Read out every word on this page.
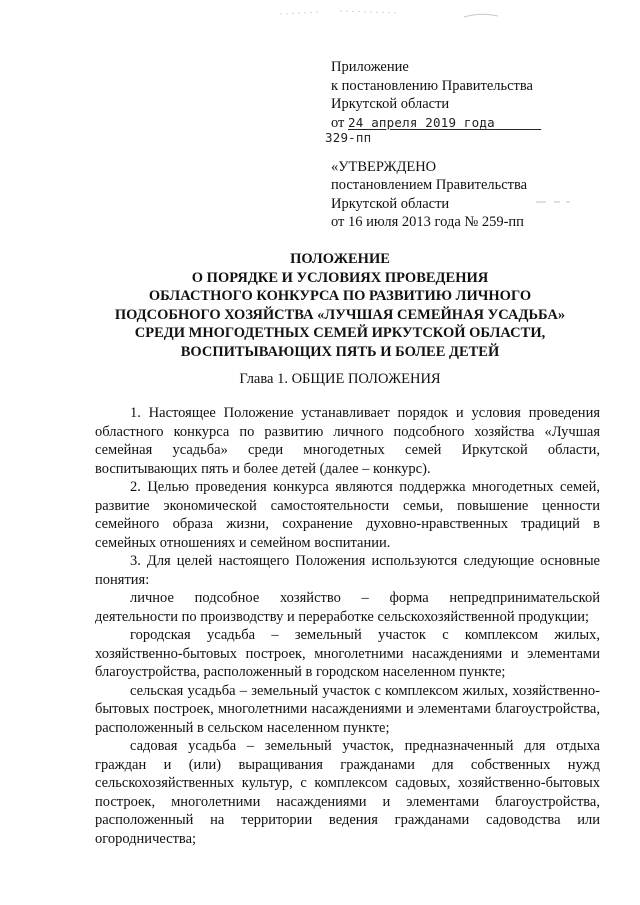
Приложение
к постановлению Правительства
Иркутской области
от 24 апреля 2019 года
329-пп
«УТВЕРЖДЕНО
постановлением Правительства
Иркутской области
от 16 июля 2013 года № 259-пп
ПОЛОЖЕНИЕ
О ПОРЯДКЕ И УСЛОВИЯХ ПРОВЕДЕНИЯ
ОБЛАСТНОГО КОНКУРСА ПО РАЗВИТИЮ ЛИЧНОГО
ПОДСОБНОГО ХОЗЯЙСТВА «ЛУЧШАЯ СЕМЕЙНАЯ УСАДЬБА»
СРЕДИ МНОГОДЕТНЫХ СЕМЕЙ ИРКУТСКОЙ ОБЛАСТИ,
ВОСПИТЫВАЮЩИХ ПЯТЬ И БОЛЕЕ ДЕТЕЙ
Глава 1. ОБЩИЕ ПОЛОЖЕНИЯ

1. Настоящее Положение устанавливает порядок и условия проведения областного конкурса по развитию личного подсобного хозяйства «Лучшая семейная усадьба» среди многодетных семей Иркутской области, воспитывающих пять и более детей (далее – конкурс).

2. Целью проведения конкурса являются поддержка многодетных семей, развитие экономической самостоятельности семьи, повышение ценности семейного образа жизни, сохранение духовно-нравственных традиций в семейных отношениях и семейном воспитании.

3. Для целей настоящего Положения используются следующие основные понятия:

личное подсобное хозяйство – форма непредпринимательской деятельности по производству и переработке сельскохозяйственной продукции;

городская усадьба – земельный участок с комплексом жилых, хозяйственно-бытовых построек, многолетними насаждениями и элементами благоустройства, расположенный в городском населенном пункте;

сельская усадьба – земельный участок с комплексом жилых, хозяйственно-бытовых построек, многолетними насаждениями и элементами благоустройства, расположенный в сельском населенном пункте;

садовая усадьба – земельный участок, предназначенный для отдыха граждан и (или) выращивания гражданами для собственных нужд сельскохозяйственных культур, с комплексом садовых, хозяйственно-бытовых построек, многолетними насаждениями и элементами благоустройства, расположенный на территории ведения гражданами садоводства или огородничества;
